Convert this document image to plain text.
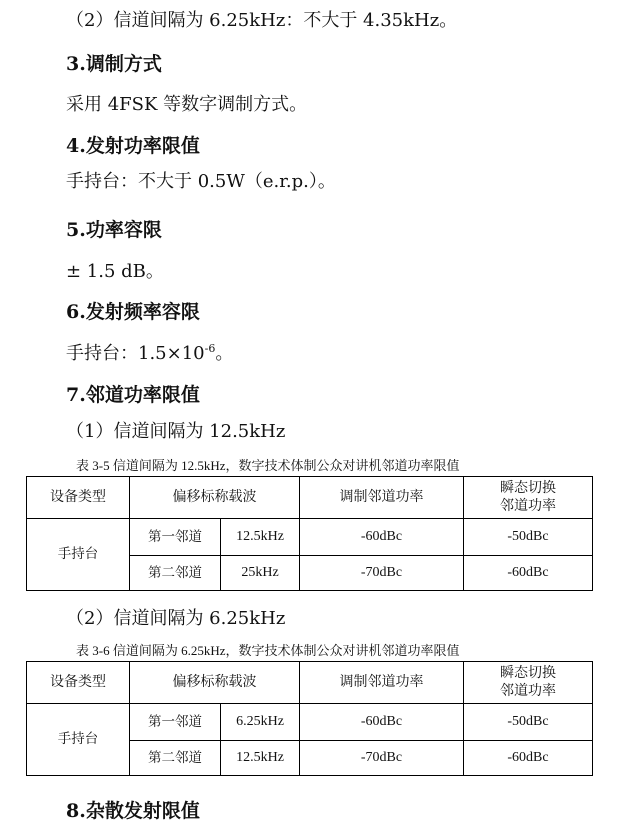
（2）信道间隔为 6.25kHz：不大于 4.35kHz。
3.调制方式
采用 4FSK 等数字调制方式。
4.发射功率限值
手持台：不大于 0.5W（e.r.p.）。
5.功率容限
± 1.5 dB。
6.发射频率容限
手持台：$1.5\times 10^{-6}$。
7.邻道功率限值
（1）信道间隔为 12.5kHz
表 3-5 信道间隔为 12.5kHz，数字技术体制公众对讲机邻道功率限值
设备类型	偏移标称载波		调制邻道功率	瞬态切换
邻道功率
手持台	第一邻道	12.5kHz	-60dBc	-50dBc
	第二邻道	25kHz	-70dBc	-60dBc
（2）信道间隔为 6.25kHz
表 3-6 信道间隔为 6.25kHz，数字技术体制公众对讲机邻道功率限值
设备类型	偏移标称载波		调制邻道功率	瞬态切换
邻道功率
手持台	第一邻道	6.25kHz	-60dBc	-50dBc
	第二邻道	12.5kHz	-70dBc	-60dBc
8.杂散发射限值
